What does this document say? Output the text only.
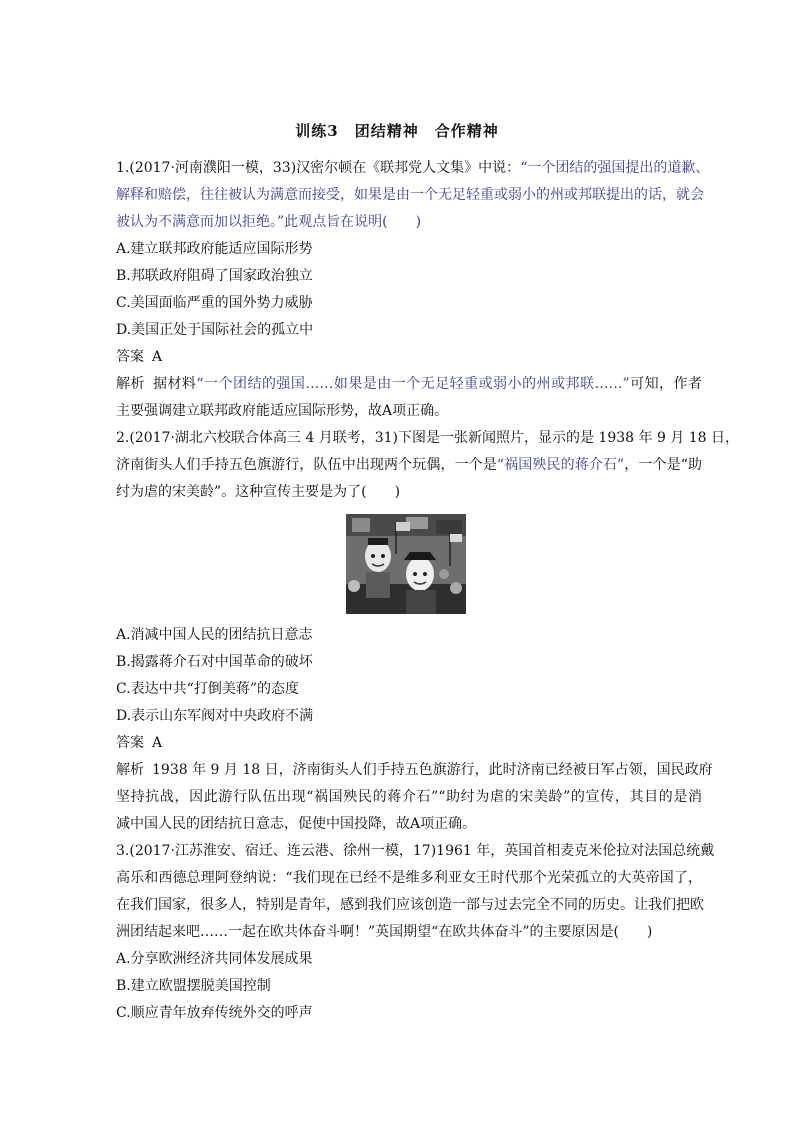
训练3　团结精神　合作精神
1.(2017·河南濮阳一模，33)汉密尔顿在《联邦党人文集》中说：“一个团结的强国提出的道歉、
解释和赔偿，往往被认为满意而接受，如果是由一个无足轻重或弱小的州或邦联提出的话，就会
被认为不满意而加以拒绝。”此观点旨在说明(　　)
A.建立联邦政府能适应国际形势
B.邦联政府阻碍了国家政治独立
C.美国面临严重的国外势力威胁
D.美国正处于国际社会的孤立中
答案 A
解析 据材料“一个团结的强国……如果是由一个无足轻重或弱小的州或邦联……”可知，作者
主要强调建立联邦政府能适应国际形势，故A项正确。
2.(2017·湖北六校联合体高三 4 月联考，31)下图是一张新闻照片，显示的是 1938 年 9 月 18 日，
济南街头人们手持五色旗游行，队伍中出现两个玩偶，一个是“祸国殃民的蒋介石”，一个是“助
纣为虐的宋美龄”。这种宣传主要是为了(　　)
A.消减中国人民的团结抗日意志
B.揭露蒋介石对中国革命的破坏
C.表达中共“打倒美蒋”的态度
D.表示山东军阀对中央政府不满
答案 A
解析 1938 年 9 月 18 日，济南街头人们手持五色旗游行，此时济南已经被日军占领，国民政府
坚持抗战，因此游行队伍出现“祸国殃民的蒋介石”“助纣为虐的宋美龄”的宣传，其目的是消
减中国人民的团结抗日意志，促使中国投降，故A项正确。
3.(2017·江苏淮安、宿迁、连云港、徐州一模，17)1961 年，英国首相麦克米伦拉对法国总统戴
高乐和西德总理阿登纳说：“我们现在已经不是维多利亚女王时代那个光荣孤立的大英帝国了，
在我们国家，很多人，特别是青年，感到我们应该创造一部与过去完全不同的历史。让我们把欧
洲团结起来吧……一起在欧共体奋斗啊！”英国期望“在欧共体奋斗”的主要原因是(　　)
A.分享欧洲经济共同体发展成果
B.建立欧盟摆脱美国控制
C.顺应青年放弃传统外交的呼声
